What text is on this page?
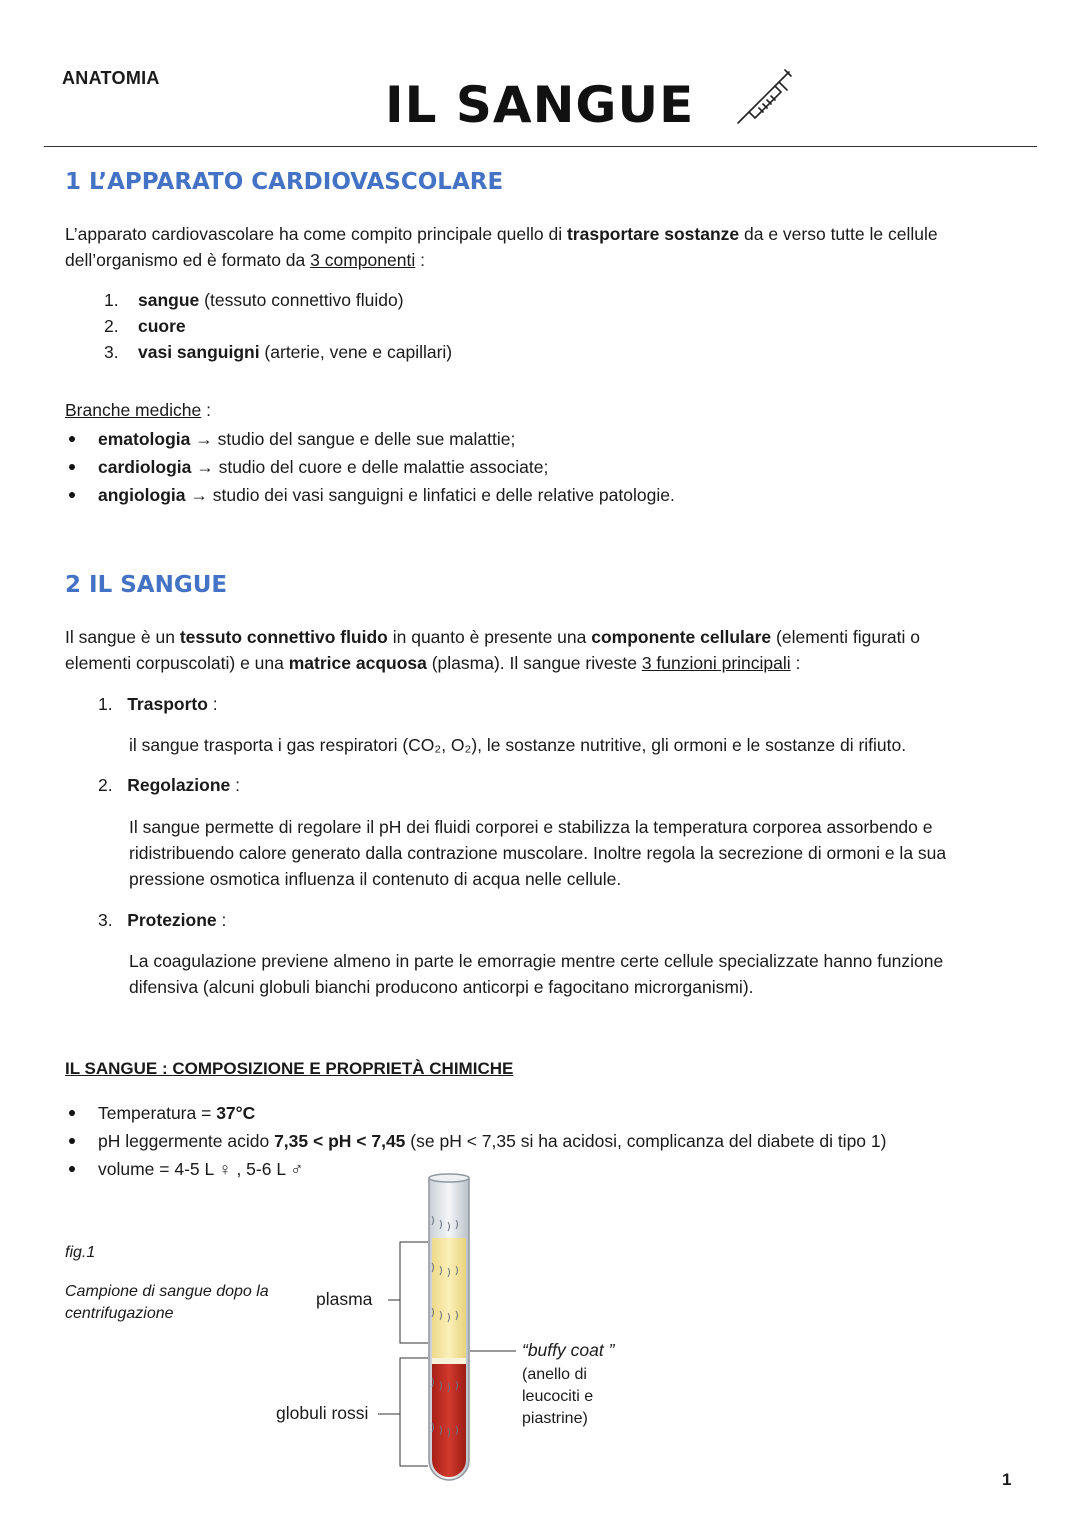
ANATOMIA	IL SANGUE
1 L’APPARATO CARDIOVASCOLARE
L’apparato cardiovascolare ha come compito principale quello di trasportare sostanze da e verso tutte le cellule
dell’organismo ed è formato da 3 componenti :
1. sangue (tessuto connettivo fluido)
2. cuore
3. vasi sanguigni (arterie, vene e capillari)
Branche mediche :
ematologia → studio del sangue e delle sue malattie;
cardiologia → studio del cuore e delle malattie associate;
angiologia → studio dei vasi sanguigni e linfatici e delle relative patologie.
2 IL SANGUE
Il sangue è un tessuto connettivo fluido in quanto è presente una componente cellulare (elementi figurati o
elementi corpuscolati) e una matrice acquosa (plasma). Il sangue riveste 3 funzioni principali :
1. Trasporto :
il sangue trasporta i gas respiratori (CO₂, O₂), le sostanze nutritive, gli ormoni e le sostanze di rifiuto.
2. Regolazione :
Il sangue permette di regolare il pH dei fluidi corporei e stabilizza la temperatura corporea assorbendo e ridistribuendo calore generato dalla contrazione muscolare. Inoltre regola la secrezione di ormoni e la sua pressione osmotica influenza il contenuto di acqua nelle cellule.
3. Protezione :
La coagulazione previene almeno in parte le emorragie mentre certe cellule specializzate hanno funzione difensiva (alcuni globuli bianchi producono anticorpi e fagocitano microrganismi).
IL SANGUE : COMPOSIZIONE E PROPRIETÀ CHIMICHE
Temperatura = 37°C
pH leggermente acido 7,35 < pH < 7,45 (se pH < 7,35 si ha acidosi, complicanza del diabete di tipo 1)
volume = 4-5 L ♀ , 5-6 L ♂
fig.1
Campione di sangue dopo la centrifugazione
plasma
globuli rossi
“buffy coat ”
(anello di
leucociti e
piastrine)
1
